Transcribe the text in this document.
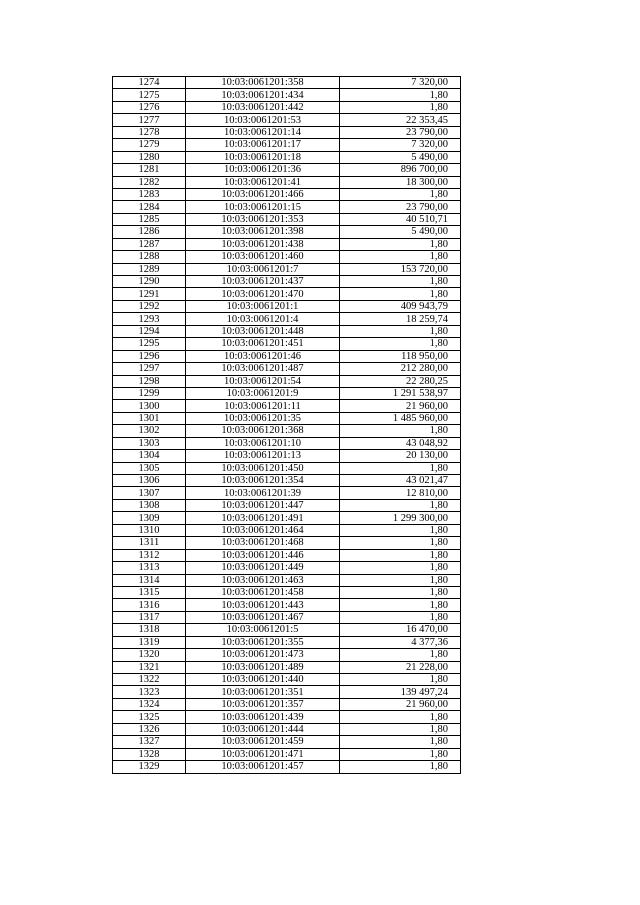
1274	10:03:0061201:358	7 320,00
1275	10:03:0061201:434	1,80
1276	10:03:0061201:442	1,80
1277	10:03:0061201:53	22 353,45
1278	10:03:0061201:14	23 790,00
1279	10:03:0061201:17	7 320,00
1280	10:03:0061201:18	5 490,00
1281	10:03:0061201:36	896 700,00
1282	10:03:0061201:41	18 300,00
1283	10:03:0061201:466	1,80
1284	10:03:0061201:15	23 790,00
1285	10:03:0061201:353	40 510,71
1286	10:03:0061201:398	5 490,00
1287	10:03:0061201:438	1,80
1288	10:03:0061201:460	1,80
1289	10:03:0061201:7	153 720,00
1290	10:03:0061201:437	1,80
1291	10:03:0061201:470	1,80
1292	10:03:0061201:1	409 943,79
1293	10:03:0061201:4	18 259,74
1294	10:03:0061201:448	1,80
1295	10:03:0061201:451	1,80
1296	10:03:0061201:46	118 950,00
1297	10:03:0061201:487	212 280,00
1298	10:03:0061201:54	22 280,25
1299	10:03:0061201:9	1 291 538,97
1300	10:03:0061201:11	21 960,00
1301	10:03:0061201:35	1 485 960,00
1302	10:03:0061201:368	1,80
1303	10:03:0061201:10	43 048,92
1304	10:03:0061201:13	20 130,00
1305	10:03:0061201:450	1,80
1306	10:03:0061201:354	43 021,47
1307	10:03:0061201:39	12 810,00
1308	10:03:0061201:447	1,80
1309	10:03:0061201:491	1 299 300,00
1310	10:03:0061201:464	1,80
1311	10:03:0061201:468	1,80
1312	10:03:0061201:446	1,80
1313	10:03:0061201:449	1,80
1314	10:03:0061201:463	1,80
1315	10:03:0061201:458	1,80
1316	10:03:0061201:443	1,80
1317	10:03:0061201:467	1,80
1318	10:03:0061201:5	16 470,00
1319	10:03:0061201:355	4 377,36
1320	10:03:0061201:473	1,80
1321	10:03:0061201:489	21 228,00
1322	10:03:0061201:440	1,80
1323	10:03:0061201:351	139 497,24
1324	10:03:0061201:357	21 960,00
1325	10:03:0061201:439	1,80
1326	10:03:0061201:444	1,80
1327	10:03:0061201:459	1,80
1328	10:03:0061201:471	1,80
1329	10:03:0061201:457	1,80
